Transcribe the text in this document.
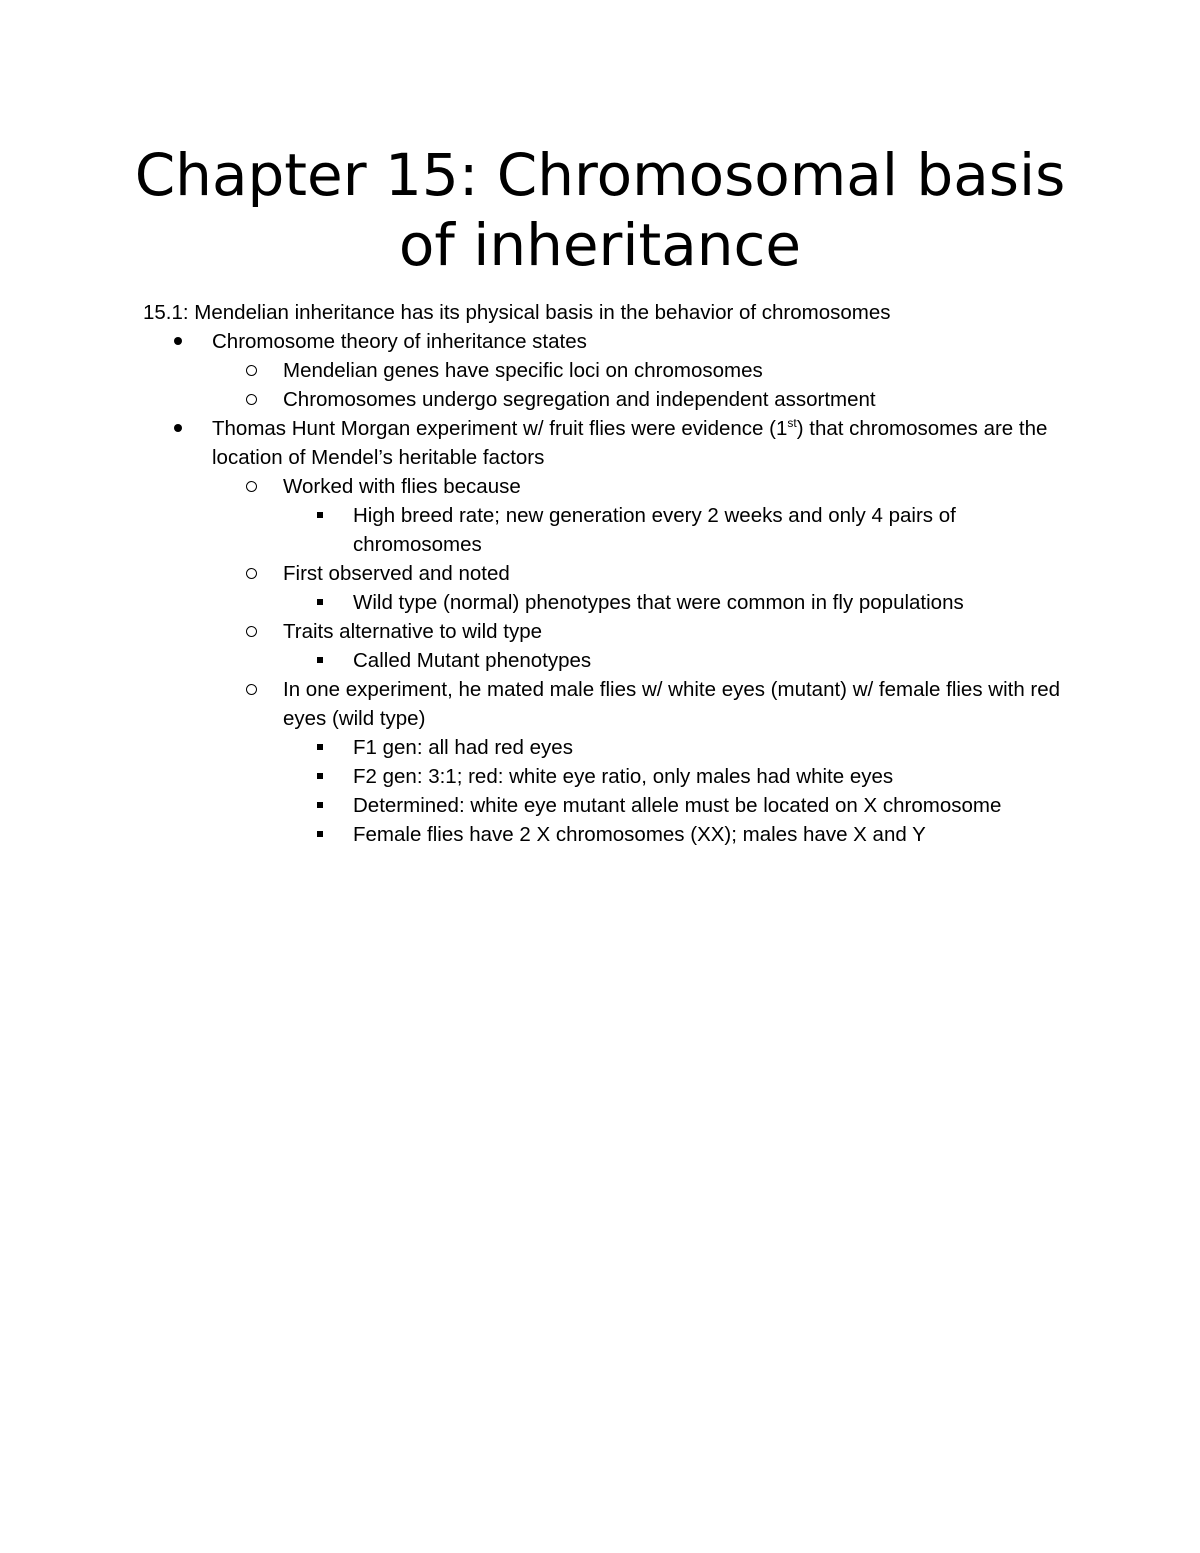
Chapter 15: Chromosomal basis
of inheritance

15.1: Mendelian inheritance has its physical basis in the behavior of chromosomes

Chromosome theory of inheritance states
Mendelian genes have specific loci on chromosomes
Chromosomes undergo segregation and independent assortment
Thomas Hunt Morgan experiment w/ fruit flies were evidence (1st) that chromosomes are the location of Mendel’s heritable factors
Worked with flies because
High breed rate; new generation every 2 weeks and only 4 pairs of chromosomes
First observed and noted
Wild type (normal) phenotypes that were common in fly populations
Traits alternative to wild type
Called Mutant phenotypes
In one experiment, he mated male flies w/ white eyes (mutant) w/ female flies with red eyes (wild type)
F1 gen: all had red eyes
F2 gen: 3:1; red: white eye ratio, only males had white eyes
Determined: white eye mutant allele must be located on X chromosome
Female flies have 2 X chromosomes (XX); males have X and Y
